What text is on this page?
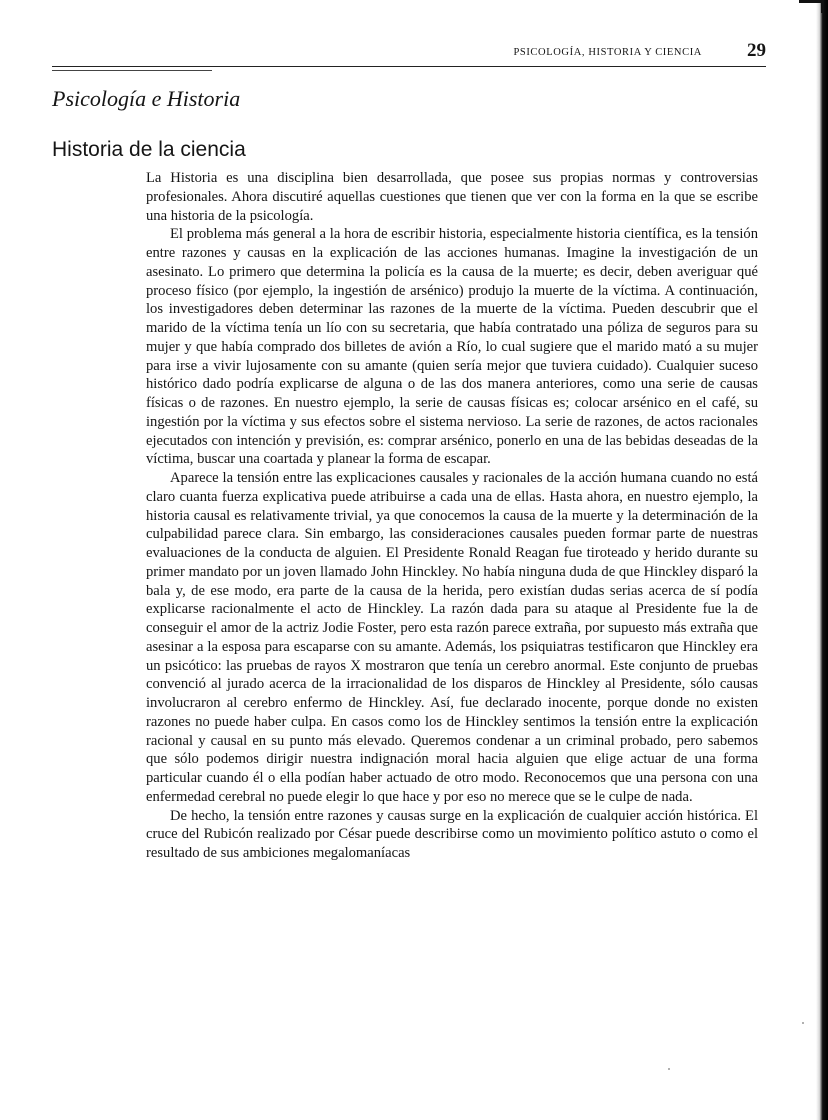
PSICOLOGÍA, HISTORIA Y CIENCIA 29
Psicología e Historia
Historia de la ciencia

La Historia es una disciplina bien desarrollada, que posee sus propias normas y controversias profesionales. Ahora discutiré aquellas cuestiones que tienen que ver con la forma en la que se escribe una historia de la psicología.

El problema más general a la hora de escribir historia, especialmente historia científica, es la tensión entre razones y causas en la explicación de las acciones humanas. Imagine la investigación de un asesinato. Lo primero que determina la policía es la causa de la muerte; es decir, deben averiguar qué proceso físico (por ejemplo, la ingestión de arsénico) produjo la muerte de la víctima. A continuación, los investigadores deben determinar las razones de la muerte de la víctima. Pueden descubrir que el marido de la víctima tenía un lío con su secretaria, que había contratado una póliza de seguros para su mujer y que había comprado dos billetes de avión a Río, lo cual sugiere que el marido mató a su mujer para irse a vivir lujosamente con su amante (quien sería mejor que tuviera cuidado). Cualquier suceso histórico dado podría explicarse de alguna o de las dos manera anteriores, como una serie de causas físicas o de razones. En nuestro ejemplo, la serie de causas físicas es; colocar arsénico en el café, su ingestión por la víctima y sus efectos sobre el sistema nervioso. La serie de razones, de actos racionales ejecutados con intención y previsión, es: comprar arsénico, ponerlo en una de las bebidas deseadas de la víctima, buscar una coartada y planear la forma de escapar.

Aparece la tensión entre las explicaciones causales y racionales de la acción humana cuando no está claro cuanta fuerza explicativa puede atribuirse a cada una de ellas. Hasta ahora, en nuestro ejemplo, la historia causal es relativamente trivial, ya que conocemos la causa de la muerte y la determinación de la culpabilidad parece clara. Sin embargo, las consideraciones causales pueden formar parte de nuestras evaluaciones de la conducta de alguien. El Presidente Ronald Reagan fue tiroteado y herido durante su primer mandato por un joven llamado John Hinckley. No había ninguna duda de que Hinckley disparó la bala y, de ese modo, era parte de la causa de la herida, pero existían dudas serias acerca de sí podía explicarse racionalmente el acto de Hinckley. La razón dada para su ataque al Presidente fue la de conseguir el amor de la actriz Jodie Foster, pero esta razón parece extraña, por supuesto más extraña que asesinar a la esposa para escaparse con su amante. Además, los psiquiatras testificaron que Hinckley era un psicótico: las pruebas de rayos X mostraron que tenía un cerebro anormal. Este conjunto de pruebas convenció al jurado acerca de la irracionalidad de los disparos de Hinckley al Presidente, sólo causas involucraron al cerebro enfermo de Hinckley. Así, fue declarado inocente, porque donde no existen razones no puede haber culpa. En casos como los de Hinckley sentimos la tensión entre la explicación racional y causal en su punto más elevado. Queremos condenar a un criminal probado, pero sabemos que sólo podemos dirigir nuestra indignación moral hacia alguien que elige actuar de una forma particular cuando él o ella podían haber actuado de otro modo. Reconocemos que una persona con una enfermedad cerebral no puede elegir lo que hace y por eso no merece que se le culpe de nada.

De hecho, la tensión entre razones y causas surge en la explicación de cualquier acción histórica. El cruce del Rubicón realizado por César puede describirse como un movimiento político astuto o como el resultado de sus ambiciones megalomaníacas
